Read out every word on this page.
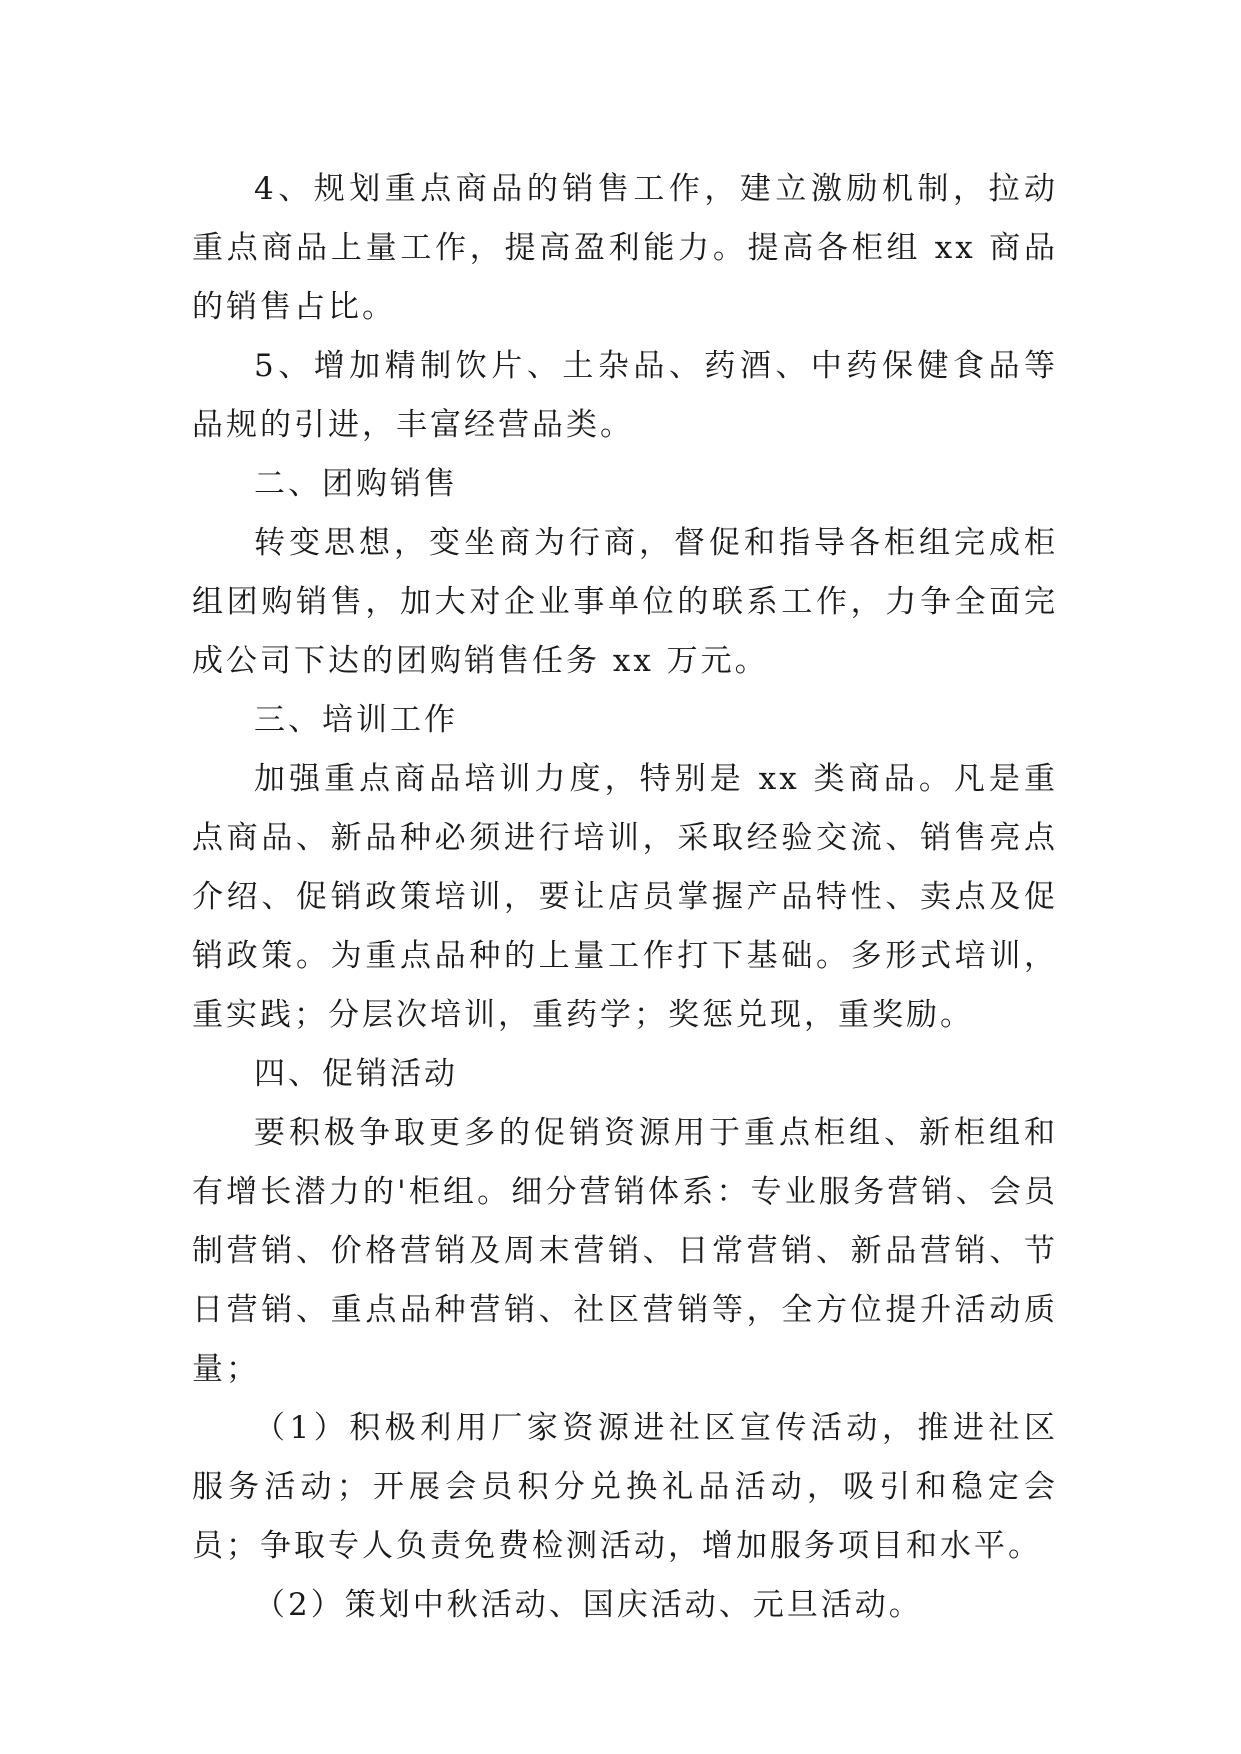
4、规划重点商品的销售工作，建立激励机制，拉动重点商品上量工作，提高盈利能力。提高各柜组 xx 商品的销售占比。

5、增加精制饮片、土杂品、药酒、中药保健食品等品规的引进，丰富经营品类。

二、团购销售

转变思想，变坐商为行商，督促和指导各柜组完成柜组团购销售，加大对企业事单位的联系工作，力争全面完成公司下达的团购销售任务 xx 万元。

三、培训工作

加强重点商品培训力度，特别是 xx 类商品。凡是重点商品、新品种必须进行培训，采取经验交流、销售亮点介绍、促销政策培训，要让店员掌握产品特性、卖点及促销政策。为重点品种的上量工作打下基础。多形式培训，重实践；分层次培训，重药学；奖惩兑现，重奖励。

四、促销活动

要积极争取更多的促销资源用于重点柜组、新柜组和有增长潜力的'柜组。细分营销体系：专业服务营销、会员制营销、价格营销及周末营销、日常营销、新品营销、节日营销、重点品种营销、社区营销等，全方位提升活动质量；

（1）积极利用厂家资源进社区宣传活动，推进社区服务活动；开展会员积分兑换礼品活动，吸引和稳定会员；争取专人负责免费检测活动，增加服务项目和水平。

（2）策划中秋活动、国庆活动、元旦活动。
